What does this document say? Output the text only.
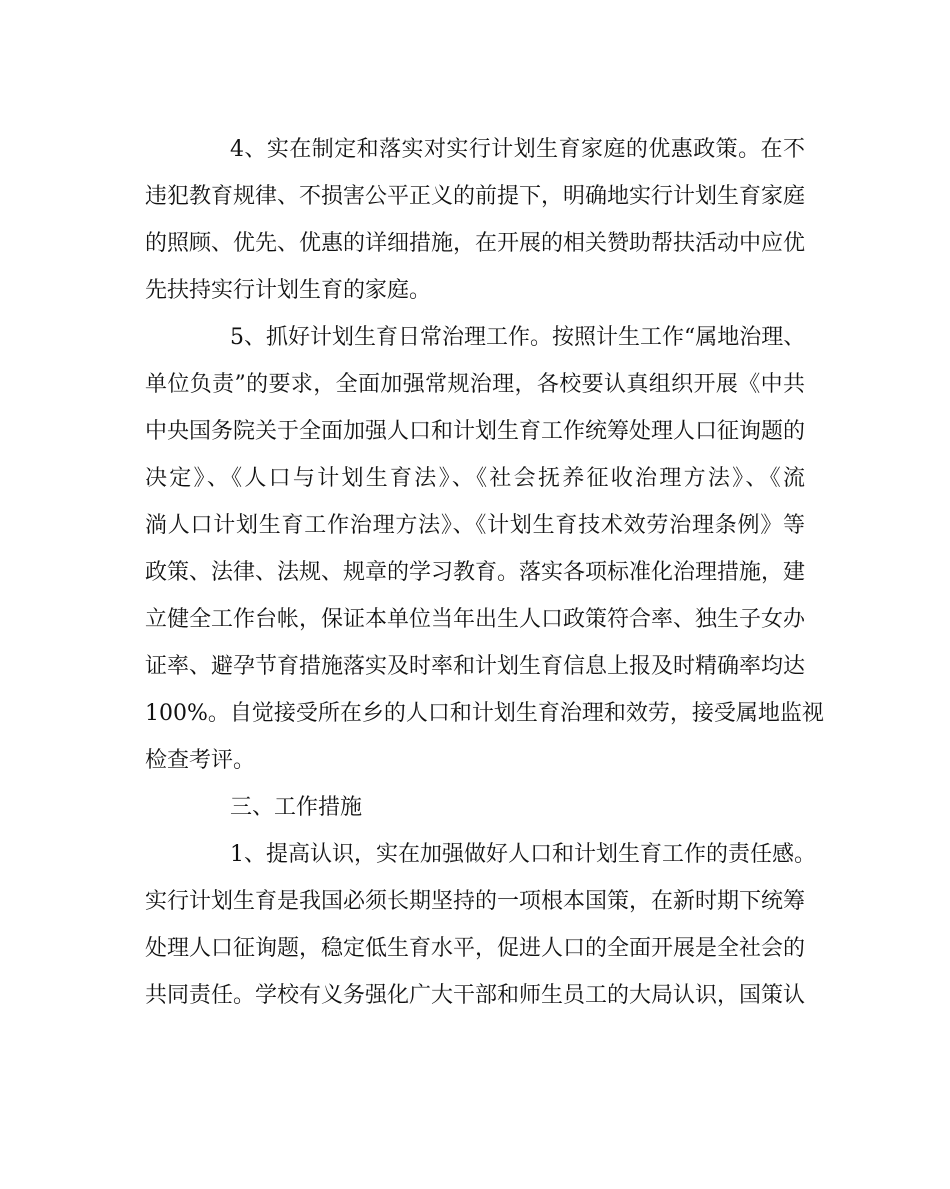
4、实在制定和落实对实行计划生育家庭的优惠政策。在不

违犯教育规律、不损害公平正义的前提下，明确地实行计划生育家庭

的照顾、优先、优惠的详细措施，在开展的相关赞助帮扶活动中应优

先扶持实行计划生育的家庭。

5、抓好计划生育日常治理工作。按照计生工作“属地治理、

单位负责”的要求，全面加强常规治理，各校要认真组织开展《中共

中央国务院关于全面加强人口和计划生育工作统筹处理人口征询题的

决定》、《人口与计划生育法》、《社会抚养征收治理方法》、《流

淌人口计划生育工作治理方法》、《计划生育技术效劳治理条例》等

政策、法律、法规、规章的学习教育。落实各项标准化治理措施，建

立健全工作台帐，保证本单位当年出生人口政策符合率、独生子女办

证率、避孕节育措施落实及时率和计划生育信息上报及时精确率均达

100%。自觉接受所在乡的人口和计划生育治理和效劳，接受属地监视

检查考评。

三、工作措施

1、提高认识，实在加强做好人口和计划生育工作的责任感。

实行计划生育是我国必须长期坚持的一项根本国策，在新时期下统筹

处理人口征询题，稳定低生育水平，促进人口的全面开展是全社会的

共同责任。学校有义务强化广大干部和师生员工的大局认识，国策认
